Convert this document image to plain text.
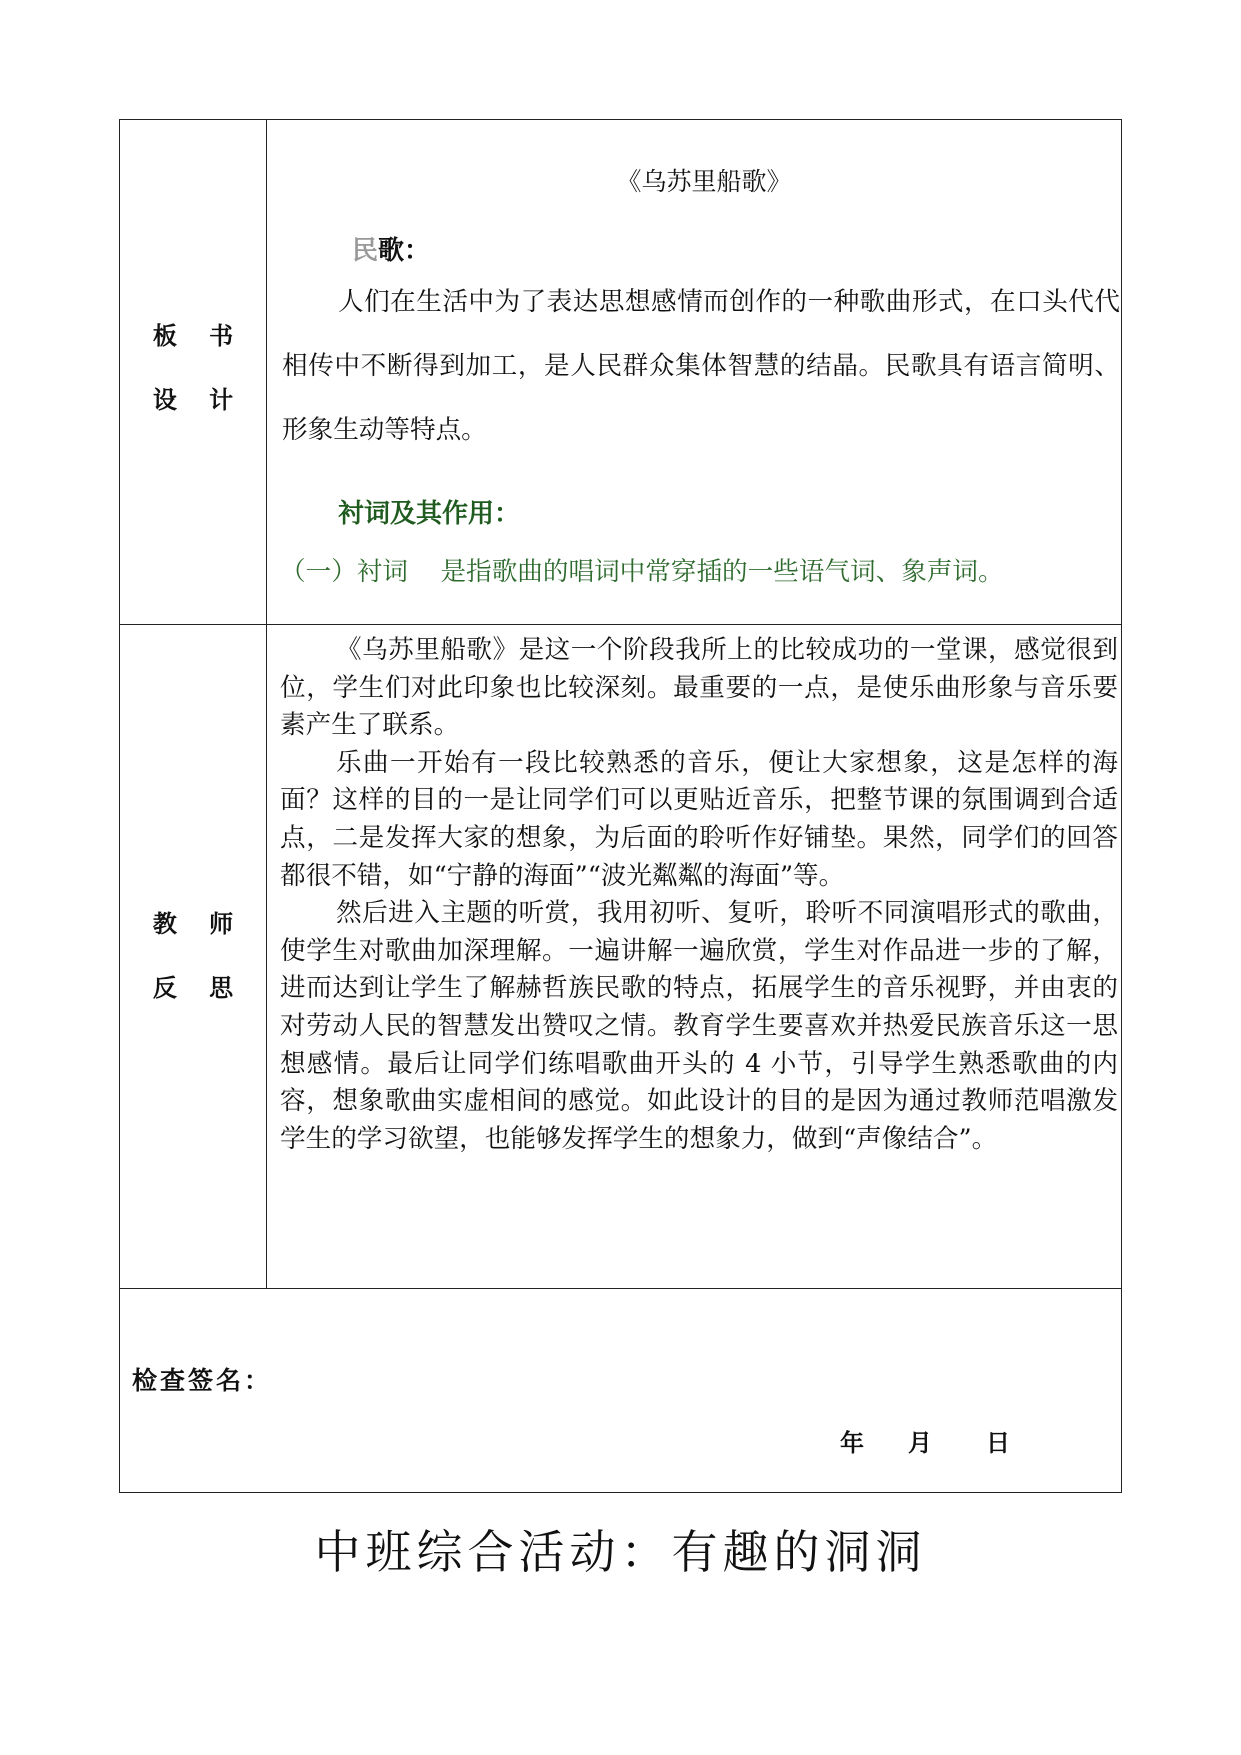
板 书
设 计
《乌苏里船歌》
民歌：
人们在生活中为了表达思想感情而创作的一种歌曲形式，在口头代代相传中不断得到加工，是人民群众集体智慧的结晶。民歌具有语言简明、形象生动等特点。
衬词及其作用：
（一）衬词    是指歌曲的唱词中常穿插的一些语气词、象声词。
教 师
反 思

《乌苏里船歌》是这一个阶段我所上的比较成功的一堂课，感觉很到位，学生们对此印象也比较深刻。最重要的一点，是使乐曲形象与音乐要素产生了联系。

乐曲一开始有一段比较熟悉的音乐，便让大家想象，这是怎样的海面？这样的目的一是让同学们可以更贴近音乐，把整节课的氛围调到合适点，二是发挥大家的想象，为后面的聆听作好铺垫。果然，同学们的回答都很不错，如“宁静的海面”“波光粼粼的海面”等。

然后进入主题的听赏，我用初听、复听，聆听不同演唱形式的歌曲，使学生对歌曲加深理解。一遍讲解一遍欣赏，学生对作品进一步的了解，进而达到让学生了解赫哲族民歌的特点，拓展学生的音乐视野，并由衷的对劳动人民的智慧发出赞叹之情。教育学生要喜欢并热爱民族音乐这一思想感情。最后让同学们练唱歌曲开头的 4 小节，引导学生熟悉歌曲的内容，想象歌曲实虚相间的感觉。如此设计的目的是因为通过教师范唱激发学生的学习欲望，也能够发挥学生的想象力，做到“声像结合”。

检查签名：
年 月 日
中班综合活动：有趣的洞洞
